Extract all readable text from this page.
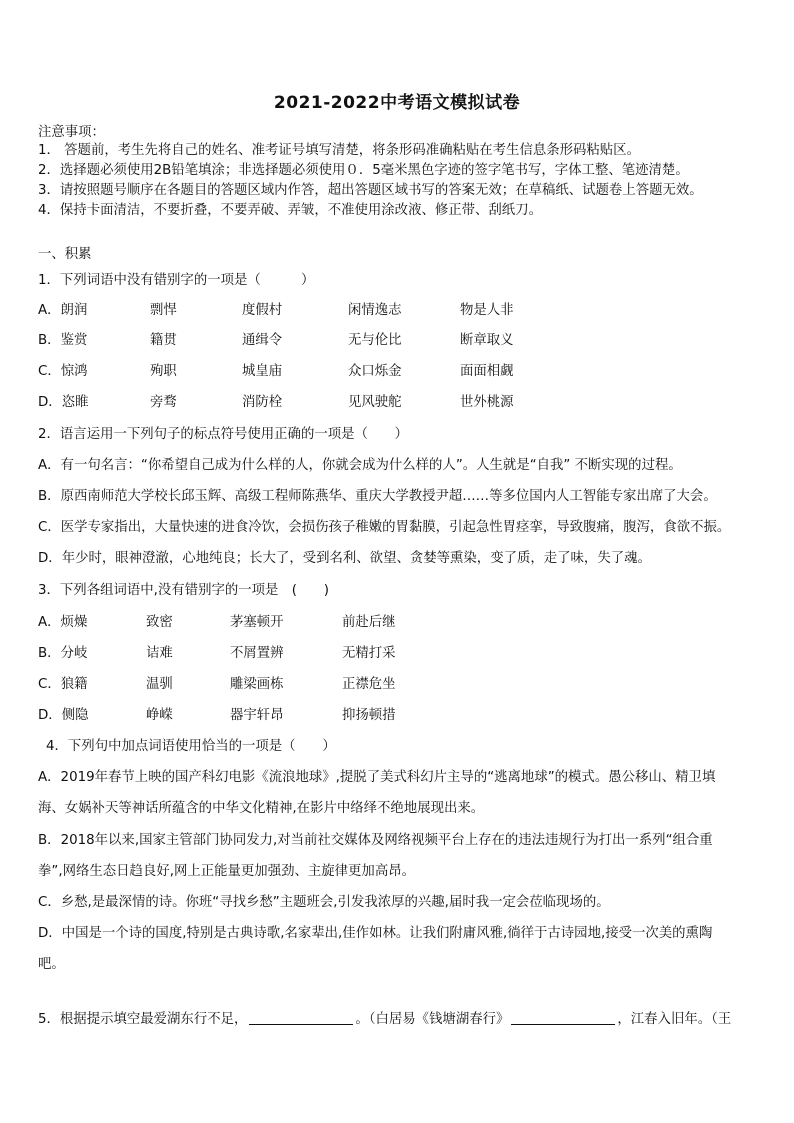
2021-2022中考语文模拟试卷
注意事项：
1． 答题前，考生先将自己的姓名、准考证号填写清楚，将条形码准确粘贴在考生信息条形码粘贴区。
2．选择题必须使用2B铅笔填涂；非选择题必须使用０．5毫米黑色字迹的签字笔书写，字体工整、笔迹清楚。
3．请按照题号顺序在各题目的答题区域内作答，超出答题区域书写的答案无效；在草稿纸、试题卷上答题无效。
4．保持卡面清洁，不要折叠，不要弄破、弄皱，不准使用涂改液、修正带、刮纸刀。
一、积累
1．下列词语中没有错别字的一项是（　　　）
A．朗润	剽悍	度假村	闲情逸志	物是人非
B．鉴赏	籍贯	通缉令	无与伦比	断章取义
C．惊鸿	殉职	城皇庙	众口烁金	面面相觑
D．恣睢	旁骛	消防栓	见风驶舵	世外桃源
2．语言运用一下列句子的标点符号使用正确的一项是（　　）
A．有一句名言：“你希望自己成为什么样的人，你就会成为什么样的人”。人生就是“自我” 不断实现的过程。
B．原西南师范大学校长邱玉辉、高级工程师陈燕华、重庆大学教授尹超……等多位国内人工智能专家出席了大会。
C．医学专家指出，大量快速的进食冷饮，会损伤孩子稚嫩的胃黏膜，引起急性胃痉挛，导致腹痛，腹泻，食欲不振。
D．年少时，眼神澄澈，心地纯良；长大了，受到名利、欲望、贪婪等熏染，变了质，走了味，失了魂。
3．下列各组词语中,没有错别字的一项是　(　　)
A．烦燥	致密	茅塞顿开	前赴后继
B．分岐	诘难	不屑置辨	无精打采
C．狼籍	温驯	雕梁画栋	正襟危坐
D．侧隐	峥嵘	器宇轩昂	抑扬顿措
4．下列句中加点词语使用恰当的一项是（　　）
A．2019年春节上映的国产科幻电影《流浪地球》,提脱了美式科幻片主导的“逃离地球”的模式。愚公移山、精卫填
海、女娲补天等神话所蕴含的中华文化精神,在影片中络绎不绝地展现出来。
B．2018年以来,国家主管部门协同发力,对当前社交媒体及网络视频平台上存在的违法违规行为打出一系列“组合重
拳”,网络生态日趋良好,网上正能量更加强劲、主旋律更加高昂。
C．乡愁,是最深情的诗。你班“寻找乡愁”主题班会,引发我浓厚的兴趣,届时我一定会莅临现场的。
D．中国是一个诗的国度,特别是古典诗歌,名家辈出,佳作如林。让我们附庸风雅,徜徉于古诗园地,接受一次美的熏陶
吧。
5．根据提示填空最爱湖东行不足，	。（白居易《钱塘湖春行》	，江春入旧年。（王
